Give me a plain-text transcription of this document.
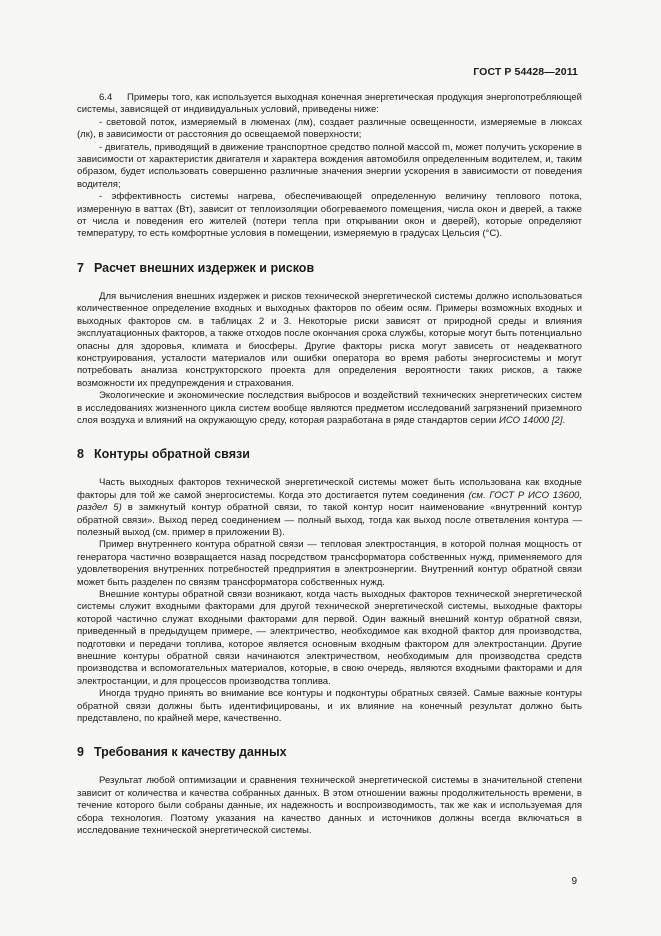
ГОСТ Р 54428—2011

6.4 Примеры того, как используется выходная конечная энергетическая продукция энергопотребляющей системы, зависящей от индивидуальных условий, приведены ниже:

- световой поток, измеряемый в люменах (лм), создает различные освещенности, измеряемые в люксах (лк), в зависимости от расстояния до освещаемой поверхности;

- двигатель, приводящий в движение транспортное средство полной массой m, может получить ускорение в зависимости от характеристик двигателя и характера вождения автомобиля определенным водителем, и, таким образом, будет использовать совершенно различные значения энергии ускорения в зависимости от поведения водителя;

- эффективность системы нагрева, обеспечивающей определенную величину теплового потока, измеренную в ваттах (Вт), зависит от теплоизоляции обогреваемого помещения, числа окон и дверей, а также от числа и поведения его жителей (потери тепла при открывании окон и дверей), которые определяют температуру, то есть комфортные условия в помещении, измеряемую в градусах Цельсия (°С).

7 Расчет внешних издержек и рисков

Для вычисления внешних издержек и рисков технической энергетической системы должно использоваться количественное определение входных и выходных факторов по обеим осям. Примеры возможных входных и выходных факторов см. в таблицах 2 и 3. Некоторые риски зависят от природной среды и влияния эксплуатационных факторов, а также отходов после окончания срока службы, которые могут быть потенциально опасны для здоровья, климата и биосферы. Другие факторы риска могут зависеть от неадекватного конструирования, усталости материалов или ошибки оператора во время работы энергосистемы и могут потребовать анализа конструкторского проекта для определения вероятности таких рисков, а также возможности их предупреждения и страхования.

Экологические и экономические последствия выбросов и воздействий технических энергетических систем в исследованиях жизненного цикла систем вообще являются предметом исследований загрязнений приземного слоя воздуха и влияний на окружающую среду, которая разработана в ряде стандартов серии ИСО 14000 [2].

8 Контуры обратной связи

Часть выходных факторов технической энергетической системы может быть использована как входные факторы для той же самой энергосистемы. Когда это достигается путем соединения (см. ГОСТ Р ИСО 13600, раздел 5) в замкнутый контур обратной связи, то такой контур носит наименование «внутренний контур обратной связи». Выход перед соединением — полный выход, тогда как выход после ответвления контура — полезный выход (см. пример в приложении В).

Пример внутреннего контура обратной связи — тепловая электростанция, в которой полная мощность от генератора частично возвращается назад посредством трансформатора собственных нужд, применяемого для удовлетворения внутренних потребностей предприятия в электроэнергии. Внутренний контур обратной связи может быть разделен по связям трансформатора собственных нужд.

Внешние контуры обратной связи возникают, когда часть выходных факторов технической энергетической системы служит входными факторами для другой технической энергетической системы, выходные факторы которой частично служат входными факторами для первой. Один важный внешний контур обратной связи, приведенный в предыдущем примере, — электричество, необходимое как входной фактор для производства, подготовки и передачи топлива, которое является основным входным фактором для электростанции. Другие внешние контуры обратной связи начинаются электричеством, необходимым для производства средств производства и вспомогательных материалов, которые, в свою очередь, являются входными факторами и для электростанции, и для процессов производства топлива.

Иногда трудно принять во внимание все контуры и подконтуры обратных связей. Самые важные контуры обратной связи должны быть идентифицированы, и их влияние на конечный результат должно быть представлено, по крайней мере, качественно.

9 Требования к качеству данных

Результат любой оптимизации и сравнения технической энергетической системы в значительной степени зависит от количества и качества собранных данных. В этом отношении важны продолжительность времени, в течение которого были собраны данные, их надежность и воспроизводимость, так же как и используемая для сбора технология. Поэтому указания на качество данных и источников должны всегда включаться в исследование технической энергетической системы.

9
